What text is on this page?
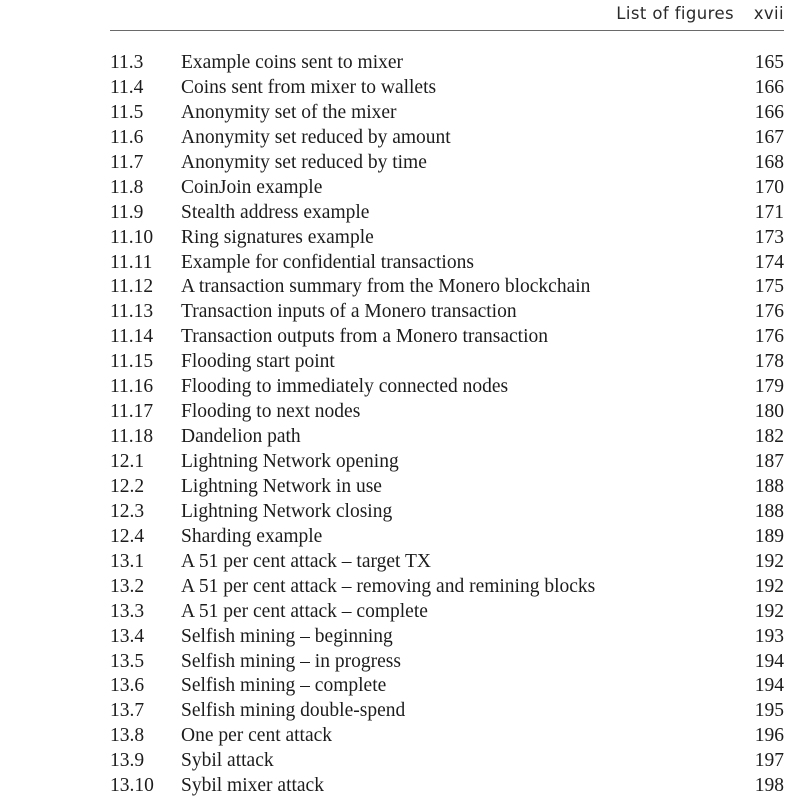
List of figures xvii
11.3 Example coins sent to mixer	165
11.4 Coins sent from mixer to wallets	166
11.5 Anonymity set of the mixer	166
11.6 Anonymity set reduced by amount	167
11.7 Anonymity set reduced by time	168
11.8 CoinJoin example	170
11.9 Stealth address example	171
11.10 Ring signatures example	173
11.11 Example for confidential transactions	174
11.12 A transaction summary from the Monero blockchain	175
11.13 Transaction inputs of a Monero transaction	176
11.14 Transaction outputs from a Monero transaction	176
11.15 Flooding start point	178
11.16 Flooding to immediately connected nodes	179
11.17 Flooding to next nodes	180
11.18 Dandelion path	182
12.1 Lightning Network opening	187
12.2 Lightning Network in use	188
12.3 Lightning Network closing	188
12.4 Sharding example	189
13.1 A 51 per cent attack – target TX	192
13.2 A 51 per cent attack – removing and remining blocks	192
13.3 A 51 per cent attack – complete	192
13.4 Selfish mining – beginning	193
13.5 Selfish mining – in progress	194
13.6 Selfish mining – complete	194
13.7 Selfish mining double-spend	195
13.8 One per cent attack	196
13.9 Sybil attack	197
13.10 Sybil mixer attack	198
